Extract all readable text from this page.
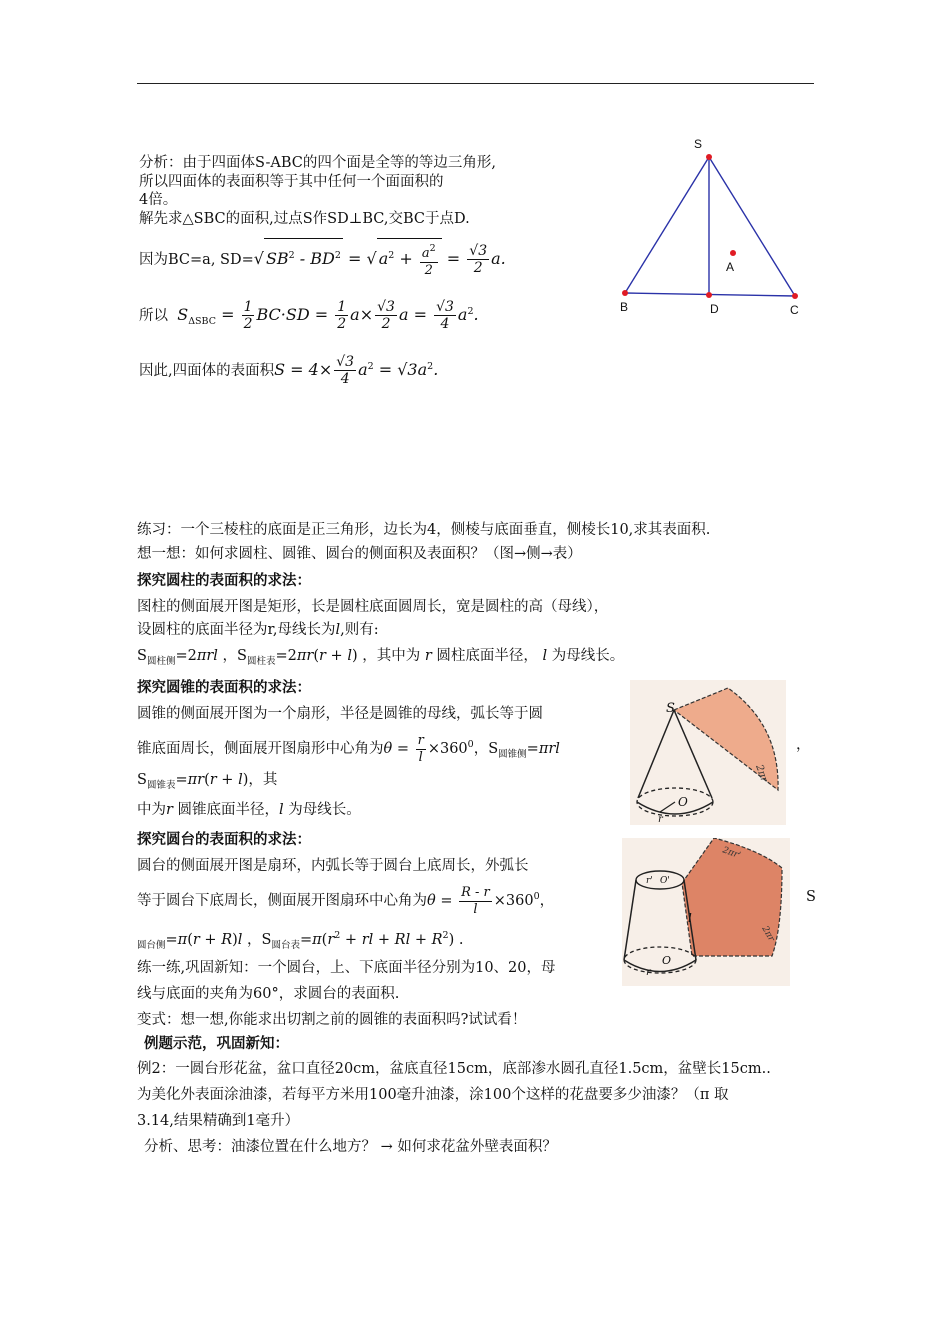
分析：由于四面体S-ABC的四个面是全等的等边三角形,
所以四面体的表面积等于其中任何一个面面积的
4倍。
解先求△SBC的面积,过点S作SD⊥BC,交BC于点D.
因为BC=a, SD=√ $SB^2 - BD^2$ = √ $a^2 + \frac{a^2}{2} = \frac{√3}{2} a$.
所以 $S_{\Delta SBC} = \frac{1}{2} BC\cdot SD = \frac{1}{2} a\times \frac{√3}{2}$ $a = \frac{√3}{4} a^2$.
因此,四面体的表面积$S = 4\times \frac{√3}{4} a^2 = √3a^2$.
S
A
B	D	C
练习：一个三棱柱的底面是正三角形，边长为4，侧棱与底面垂直，侧棱长10,求其表面积.
想一想：如何求圆柱、圆锥、圆台的侧面积及表面积？（图→侧→表）
探究圆柱的表面积的求法：
图柱的侧面展开图是矩形，长是圆柱底面圆周长，宽是圆柱的高（母线），
设圆柱的底面半径为r,母线长为l,则有:
$S_{圆柱侧}=2\pi rl$ ，$S_{圆柱表}=2\pi r(r + l)$ ，其中为 r 圆柱底面半径， l 为母线长。
探究圆锥的表面积的求法：
圆锥的侧面展开图为一个扇形，半径是圆锥的母线，弧长等于圆
锥底面周长，侧面展开图扇形中心角为$\theta = \frac{r}{l} \times 360^0$，$S_{圆锥侧}=\pi rl$	，
$S_{圆锥表}=\pi r(r + l)$，其
中为r 圆锥底面半径，l 为母线长。
S
O
r
2πr
探究圆台的表面积的求法：
圆台的侧面展开图是扇环，内弧长等于圆台上底周长，外弧长
等于圆台下底周长，侧面展开图扇环中心角为$\theta = \frac{R - r}{l} \times 360^0$，	S
$_{圆台侧}$=π(r + R)l ，$S_{圆台表}=\pi(r^2$ + rl + $Rl + R^2$) .
r' O'
l
r
O
2πr'
2πr
练一练,巩固新知：一个圆台，上、下底面半径分别为10、20，母
线与底面的夹角为60°，求圆台的表面积.
变式：想一想,你能求出切割之前的圆锥的表面积吗?试试看！
例题示范，巩固新知：
例2：一圆台形花盆，盆口直径20cm，盆底直径15cm，底部渗水圆孔直径1.5cm，盆壁长15cm..
为美化外表面涂油漆，若每平方米用100毫升油漆，涂100个这样的花盘要多少油漆？（π 取
3.14,结果精确到1毫升）
分析、思考：油漆位置在什么地方？ → 如何求花盆外壁表面积？
